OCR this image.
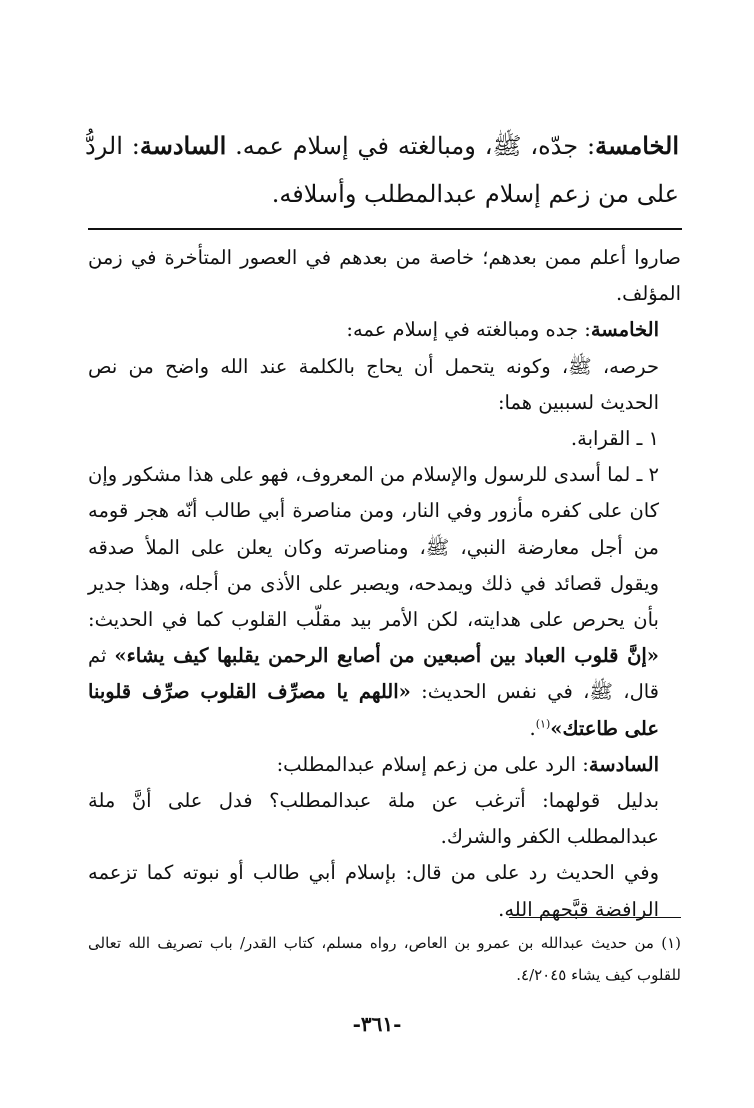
الخامسة: جدّه، ﷺ، ومبالغته في إسلام عمه. السادسة: الردُّ على من زعم إسلام عبدالمطلب وأسلافه.

صاروا أعلم ممن بعدهم؛ خاصة من بعدهم في العصور المتأخرة في زمن المؤلف.

الخامسة: جده ومبالغته في إسلام عمه:

حرصه، ﷺ، وكونه يتحمل أن يحاج بالكلمة عند الله واضح من نص الحديث لسببين هما:

١ ـ القرابة.

٢ ـ لما أسدى للرسول والإسلام من المعروف، فهو على هذا مشكور وإن كان على كفره مأزور وفي النار، ومن مناصرة أبي طالب أنّه هجر قومه من أجل معارضة النبي، ﷺ، ومناصرته وكان يعلن على الملأ صدقه ويقول قصائد في ذلك ويمدحه، ويصبر على الأذى من أجله، وهذا جدير بأن يحرص على هدايته، لكن الأمر بيد مقلّب القلوب كما في الحديث: «إنَّ قلوب العباد بين أصبعين من أصابع الرحمن يقلبها كيف يشاء» ثم قال، ﷺ، في نفس الحديث: «اللهم يا مصرِّف القلوب صرِّف قلوبنا على طاعتك»$^{(١)}$.

السادسة: الرد على من زعم إسلام عبدالمطلب:

بدليل قولهما: أترغب عن ملة عبدالمطلب؟ فدل على أنَّ ملة عبدالمطلب الكفر والشرك.

وفي الحديث رد على من قال: بإسلام أبي طالب أو نبوته كما تزعمه الرافضة قبَّحهم الله.

(١) من حديث عبدالله بن عمرو بن العاص، رواه مسلم، كتاب القدر/ باب تصريف الله تعالى للقلوب كيف يشاء ٤/٢٠٤٥.
-٣٦١-
